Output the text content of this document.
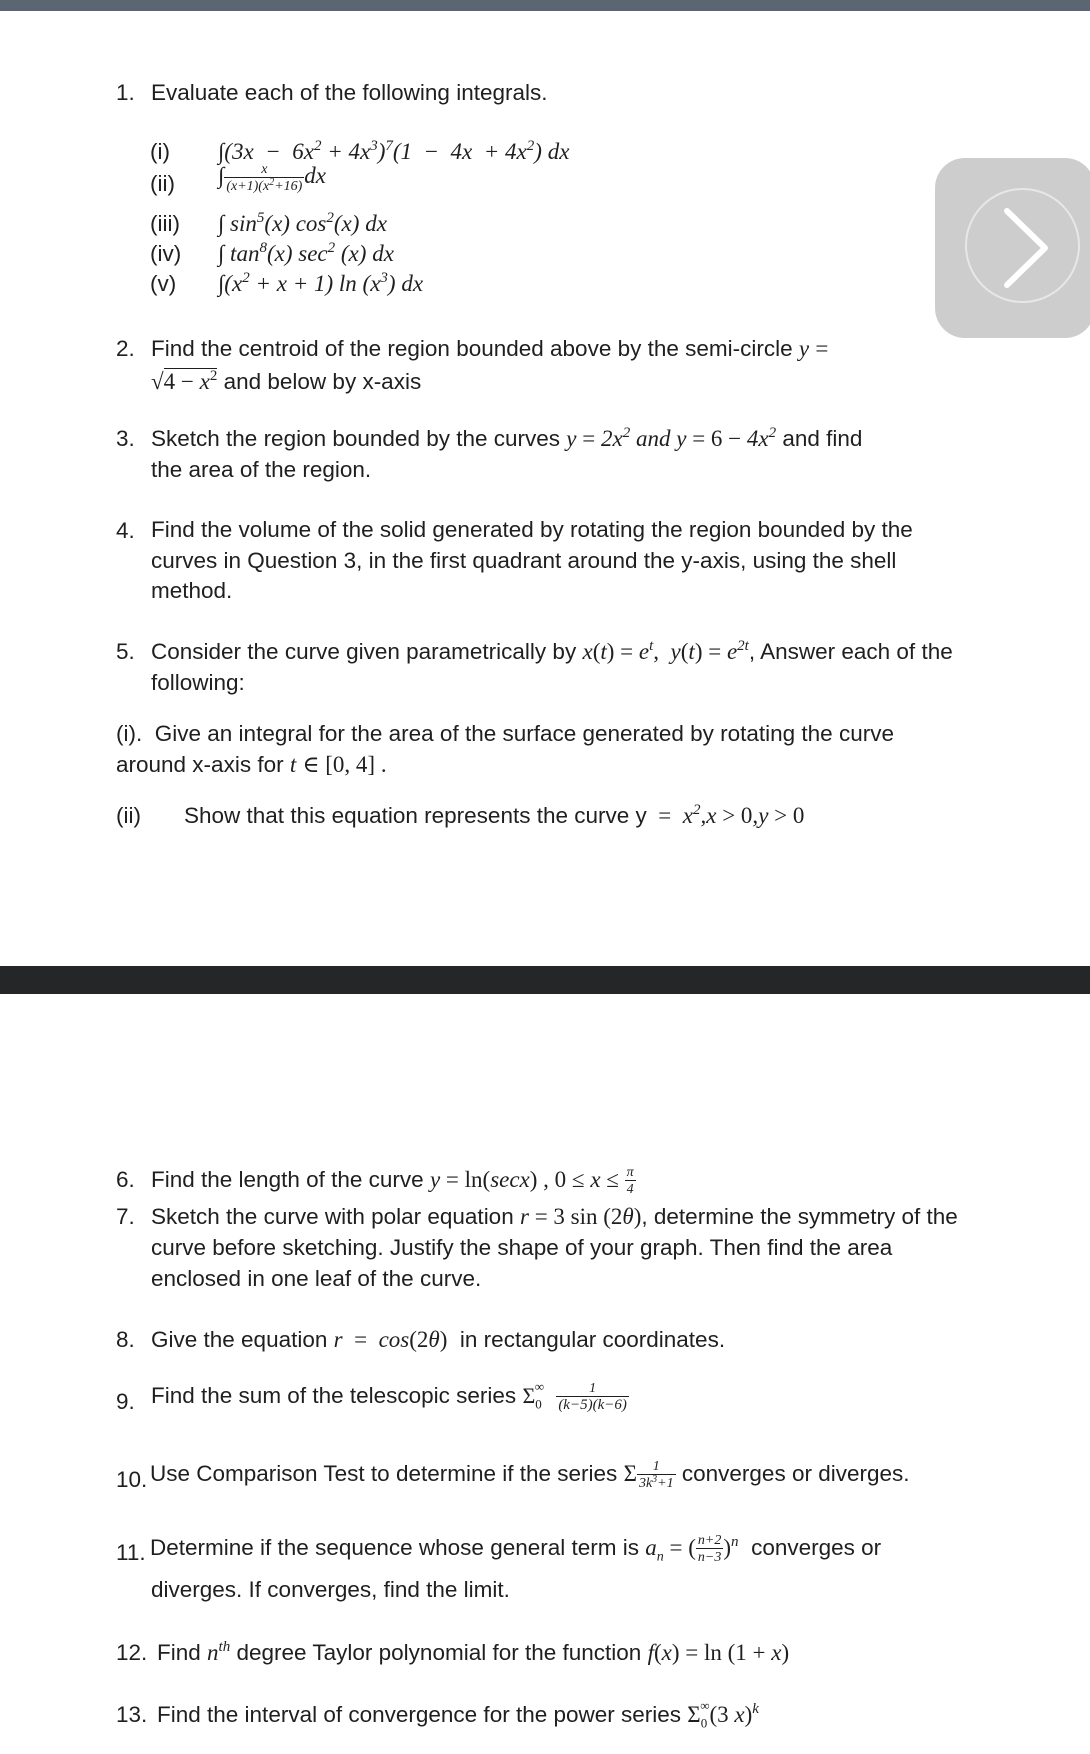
1. Evaluate each of the following integrals.
(i) $\int(3x - 6x^2 + 4x^3)^7(1 - 4x + 4x^2)$ dx
(ii) ∫ $\frac{x}{(x+1)(x^2+16)}$ dx
(iii) ∫ $\sin^5(x)$ $\cos^2(x)$ dx
(iv) ∫ $\tan^8(x)$ $\sec^2 (x)$ dx
(v) $\int(x^2 + x + 1)$ $\ln (x^3)$ dx
2. Find the centroid of the region bounded above by the semi-circle y =
$√4 - x^2$ and below by x-axis
3. Sketch the region bounded by the curves $y = 2x^2$ and $y = 6 - 4x^2$ and find
the area of the region.
4. Find the volume of the solid generated by rotating the region bounded by the curves in Question 3, in the first quadrant around the y-axis, using the shell method.
5. Consider the curve given parametrically by $x(t) = e^t$,  $y(t) = e^{2t}$, Answer each of the following:
(i). Give an integral for the area of the surface generated by rotating the curve around x-axis for t ∈ [0, 4] .
(ii) Show that this equation represents the curve $y = x^2,x > 0,y > 0$
6. Find the length of the curve y = ln(secx) , $0 \le x \le \frac{\pi}{4}$
7. Sketch the curve with polar equation r = 3 sin (2θ), determine the symmetry of the curve before sketching. Justify the shape of your graph. Then find the area enclosed in one leaf of the curve.
8. Give the equation r  =  cos(2θ) in rectangular coordinates.
9. Find the sum of the telescopic series $\Sigma_0^\infty \frac{1}{(k-5)(k-6)}$
10. Use Comparison Test to determine if the series Σ $\frac{1}{3k^3+1}$ converges or diverges.
11. Determine if the sequence whose general term is $a_n$ = ( $\frac{n+2}{n-3} )^n$ converges or
diverges. If converges, find the limit.
12. Find $n^{th}$ degree Taylor polynomial for the function f(x) = ln (1 + x)
13. Find the interval of convergence for the power series $\Sigma_0^\infty(3$ x)$^k$
